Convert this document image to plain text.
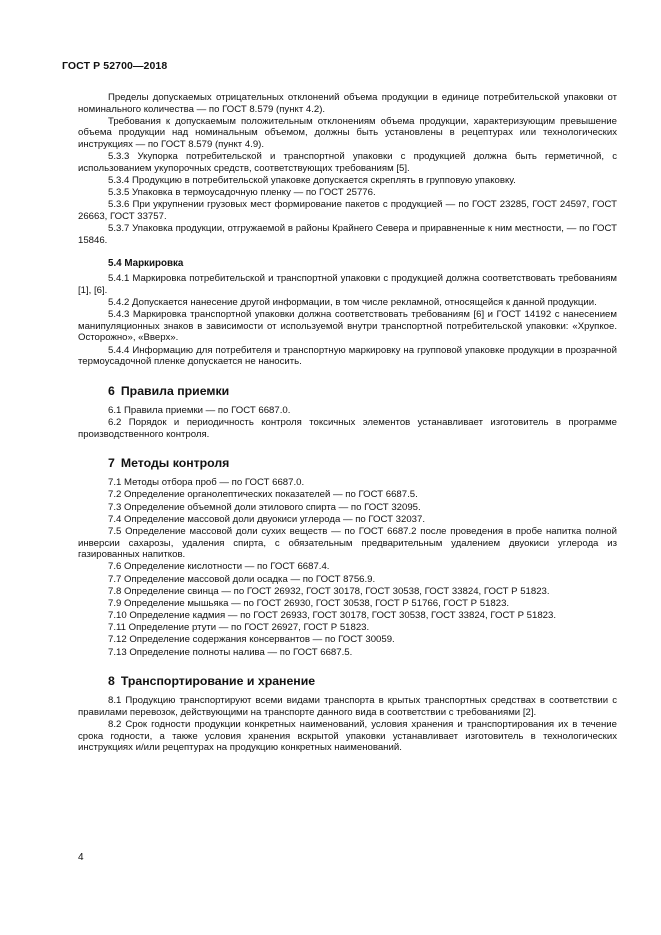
ГОСТ Р 52700—2018

Пределы допускаемых отрицательных отклонений объема продукции в единице потребительской упаковки от номинального количества — по ГОСТ 8.579 (пункт 4.2).

Требования к допускаемым положительным отклонениям объема продукции, характеризующим превышение объема продукции над номинальным объемом, должны быть установлены в рецептурах или технологических инструкциях — по ГОСТ 8.579 (пункт 4.9).

5.3.3 Укупорка потребительской и транспортной упаковки с продукцией должна быть герметичной, с использованием укупорочных средств, соответствующих требованиям [5].

5.3.4 Продукцию в потребительской упаковке допускается скреплять в групповую упаковку.

5.3.5 Упаковка в термоусадочную пленку — по ГОСТ 25776.

5.3.6 При укрупнении грузовых мест формирование пакетов с продукцией — по ГОСТ 23285, ГОСТ 24597, ГОСТ 26663, ГОСТ 33757.

5.3.7 Упаковка продукции, отгружаемой в районы Крайнего Севера и приравненные к ним местности, — по ГОСТ 15846.

5.4 Маркировка

5.4.1 Маркировка потребительской и транспортной упаковки с продукцией должна соответствовать требованиям [1], [6].

5.4.2 Допускается нанесение другой информации, в том числе рекламной, относящейся к данной продукции.

5.4.3 Маркировка транспортной упаковки должна соответствовать требованиям [6] и ГОСТ 14192 с нанесением манипуляционных знаков в зависимости от используемой внутри транспортной потребительской упаковки: «Хрупкое. Осторожно», «Вверх».

5.4.4 Информацию для потребителя и транспортную маркировку на групповой упаковке продукции в прозрачной термоусадочной пленке допускается не наносить.

6 Правила приемки

6.1 Правила приемки — по ГОСТ 6687.0.

6.2 Порядок и периодичность контроля токсичных элементов устанавливает изготовитель в программе производственного контроля.

7 Методы контроля

7.1 Методы отбора проб — по ГОСТ 6687.0.

7.2 Определение органолептических показателей — по ГОСТ 6687.5.

7.3 Определение объемной доли этилового спирта — по ГОСТ 32095.

7.4 Определение массовой доли двуокиси углерода — по ГОСТ 32037.

7.5 Определение массовой доли сухих веществ — по ГОСТ 6687.2 после проведения в пробе напитка полной инверсии сахарозы, удаления спирта, с обязательным предварительным удалением двуокиси углерода из газированных напитков.

7.6 Определение кислотности — по ГОСТ 6687.4.

7.7 Определение массовой доли осадка — по ГОСТ 8756.9.

7.8 Определение свинца — по ГОСТ 26932, ГОСТ 30178, ГОСТ 30538, ГОСТ 33824, ГОСТ Р 51823.

7.9 Определение мышьяка — по ГОСТ 26930, ГОСТ 30538, ГОСТ Р 51766, ГОСТ Р 51823.

7.10 Определение кадмия — по ГОСТ 26933, ГОСТ 30178, ГОСТ 30538, ГОСТ 33824, ГОСТ Р 51823.

7.11 Определение ртути — по ГОСТ 26927, ГОСТ Р 51823.

7.12 Определение содержания консервантов — по ГОСТ 30059.

7.13 Определение полноты налива — по ГОСТ 6687.5.

8 Транспортирование и хранение

8.1 Продукцию транспортируют всеми видами транспорта в крытых транспортных средствах в соответствии с правилами перевозок, действующими на транспорте данного вида в соответствии с требованиями [2].

8.2 Срок годности продукции конкретных наименований, условия хранения и транспортирования их в течение срока годности, а также условия хранения вскрытой упаковки устанавливает изготовитель в технологических инструкциях и/или рецептурах на продукцию конкретных наименований.

4
